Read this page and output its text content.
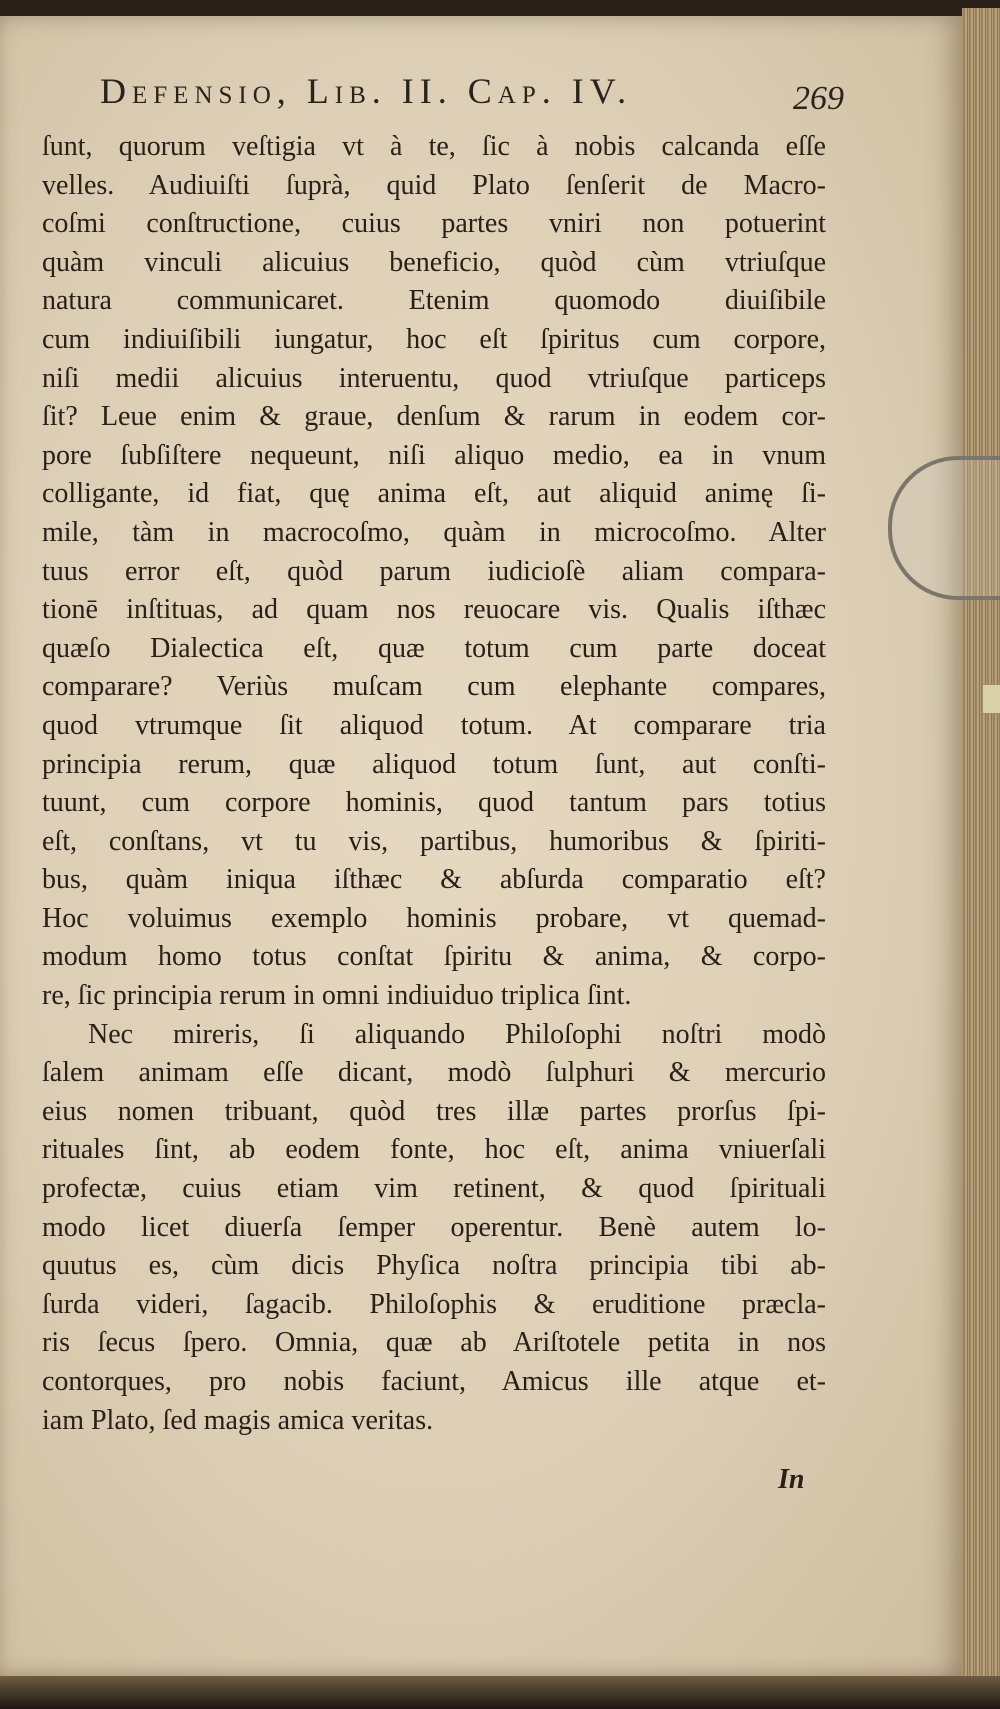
Defensio, Lib. II. Cap. IV.	269
ſunt, quorum veſtigia vt à te, ſic à nobis calcanda eſſe
velles. Audiuiſti ſuprà, quid Plato ſenſerit de Macro-
coſmi conſtructione, cuius partes vniri non potuerint
quàm vinculi alicuius beneficio, quòd cùm vtriuſque
natura communicaret. Etenim quomodo diuiſibile
cum indiuiſibili iungatur, hoc eſt ſpiritus cum corpore,
niſi medii alicuius interuentu, quod vtriuſque particeps
ſit? Leue enim & graue, denſum & rarum in eodem cor-
pore ſubſiſtere nequeunt, niſi aliquo medio, ea in vnum
colligante, id fiat, quę anima eſt, aut aliquid animę ſi-
mile, tàm in macrocoſmo, quàm in microcoſmo. Alter
tuus error eſt, quòd parum iudicioſè aliam compara-
tionē inſtituas, ad quam nos reuocare vis. Qualis iſthæc
quæſo Dialectica eſt, quæ totum cum parte doceat
comparare? Veriùs muſcam cum elephante compares,
quod vtrumque ſit aliquod totum. At comparare tria
principia rerum, quæ aliquod totum ſunt, aut conſti-
tuunt, cum corpore hominis, quod tantum pars totius
eſt, conſtans, vt tu vis, partibus, humoribus & ſpiriti-
bus, quàm iniqua iſthæc & abſurda comparatio eſt?
Hoc voluimus exemplo hominis probare, vt quemad-
modum homo totus conſtat ſpiritu & anima, & corpo-
re, ſic principia rerum in omni indiuiduo triplica ſint.
Nec mireris, ſi aliquando Philoſophi noſtri modò
ſalem animam eſſe dicant, modò ſulphuri & mercurio
eius nomen tribuant, quòd tres illæ partes prorſus ſpi-
rituales ſint, ab eodem fonte, hoc eſt, anima vniuerſali
profectæ, cuius etiam vim retinent, & quod ſpirituali
modo licet diuerſa ſemper operentur. Benè autem lo-
quutus es, cùm dicis Phyſica noſtra principia tibi ab-
ſurda videri, ſagacib. Philoſophis & eruditione præcla-
ris ſecus ſpero. Omnia, quæ ab Ariſtotele petita in nos
contorques, pro nobis faciunt, Amicus ille atque et-
iam Plato, ſed magis amica veritas.
In
